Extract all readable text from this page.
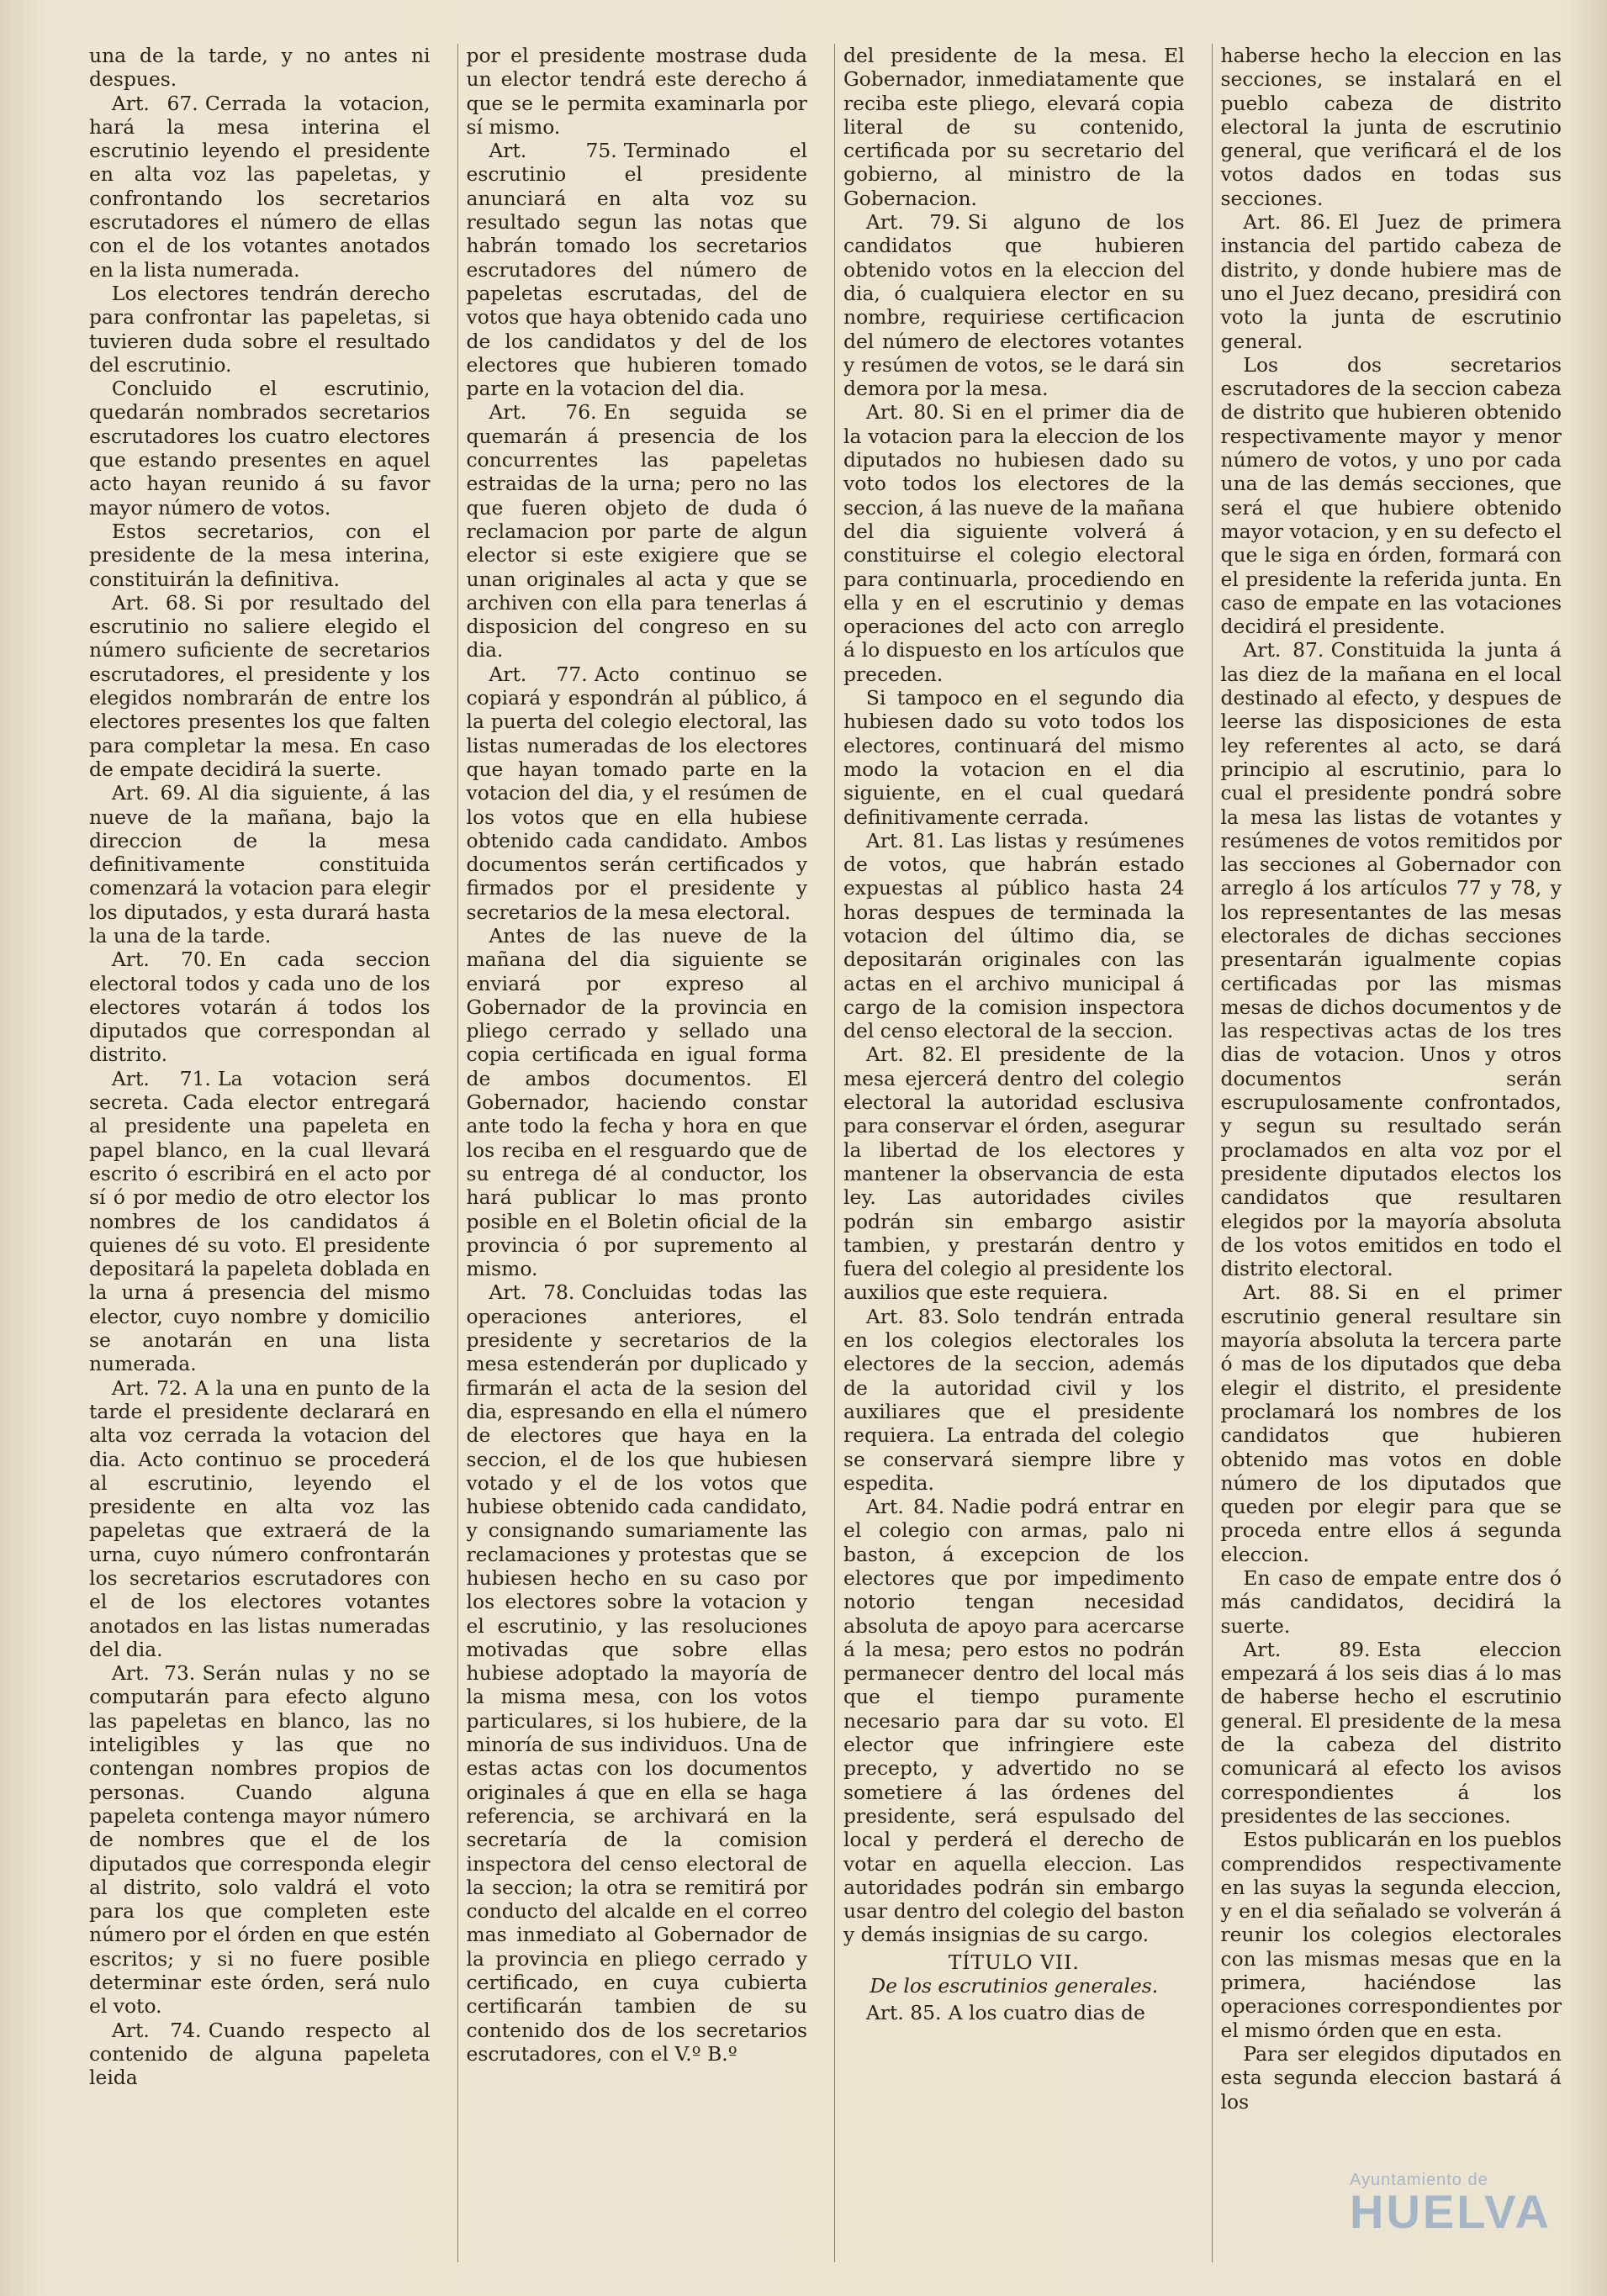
una de la tarde, y no antes ni despues.

Art. 67. Cerrada la votacion, hará la mesa interina el escrutinio leyendo el presidente en alta voz las papeletas, y confrontando los secretarios escrutadores el número de ellas con el de los votantes anotados en la lista numerada.

Los electores tendrán derecho para confrontar las papeletas, si tuvieren duda sobre el resultado del escrutinio.

Concluido el escrutinio, quedarán nombrados secretarios escrutadores los cuatro electores que estando presentes en aquel acto hayan reunido á su favor mayor número de votos.

Estos secretarios, con el presidente de la mesa interina, constituirán la definitiva.

Art. 68. Si por resultado del escrutinio no saliere elegido el número suficiente de secretarios escrutadores, el presidente y los elegidos nombrarán de entre los electores presentes los que falten para completar la mesa. En caso de empate decidirá la suerte.

Art. 69. Al dia siguiente, á las nueve de la mañana, bajo la direccion de la mesa definitivamente constituida comenzará la votacion para elegir los diputados, y esta durará hasta la una de la tarde.

Art. 70. En cada seccion electoral todos y cada uno de los electores votarán á todos los diputados que correspondan al distrito.

Art. 71. La votacion será secreta. Cada elector entregará al presidente una papeleta en papel blanco, en la cual llevará escrito ó escribirá en el acto por sí ó por medio de otro elector los nombres de los candidatos á quienes dé su voto. El presidente depositará la papeleta doblada en la urna á presencia del mismo elector, cuyo nombre y domicilio se anotarán en una lista numerada.

Art. 72. A la una en punto de la tarde el presidente declarará en alta voz cerrada la votacion del dia. Acto continuo se procederá al escrutinio, leyendo el presidente en alta voz las papeletas que extraerá de la urna, cuyo número confrontarán los secretarios escrutadores con el de los electores votantes anotados en las listas numeradas del dia.

Art. 73. Serán nulas y no se computarán para efecto alguno las papeletas en blanco, las no inteligibles y las que no contengan nombres propios de personas. Cuando alguna papeleta contenga mayor número de nombres que el de los diputados que corresponda elegir al distrito, solo valdrá el voto para los que completen este número por el órden en que estén escritos; y si no fuere posible determinar este órden, será nulo el voto.

Art. 74. Cuando respecto al contenido de alguna papeleta leida

por el presidente mostrase duda un elector tendrá este derecho á que se le permita examinarla por sí mismo.

Art. 75. Terminado el escrutinio el presidente anunciará en alta voz su resultado segun las notas que habrán tomado los secretarios escrutadores del número de papeletas escrutadas, del de votos que haya obtenido cada uno de los candidatos y del de los electores que hubieren tomado parte en la votacion del dia.

Art. 76. En seguida se quemarán á presencia de los concurrentes las papeletas estraidas de la urna; pero no las que fueren objeto de duda ó reclamacion por parte de algun elector si este exigiere que se unan originales al acta y que se archiven con ella para tenerlas á disposicion del congreso en su dia.

Art. 77. Acto continuo se copiará y espondrán al público, á la puerta del colegio electoral, las listas numeradas de los electores que hayan tomado parte en la votacion del dia, y el resúmen de los votos que en ella hubiese obtenido cada candidato. Ambos documentos serán certificados y firmados por el presidente y secretarios de la mesa electoral.

Antes de las nueve de la mañana del dia siguiente se enviará por expreso al Gobernador de la provincia en pliego cerrado y sellado una copia certificada en igual forma de ambos documentos. El Gobernador, haciendo constar ante todo la fecha y hora en que los reciba en el resguardo que de su entrega dé al conductor, los hará publicar lo mas pronto posible en el Boletin oficial de la provincia ó por supremento al mismo.

Art. 78. Concluidas todas las operaciones anteriores, el presidente y secretarios de la mesa estenderán por duplicado y firmarán el acta de la sesion del dia, espresando en ella el número de electores que haya en la seccion, el de los que hubiesen votado y el de los votos que hubiese obtenido cada candidato, y consignando sumariamente las reclamaciones y protestas que se hubiesen hecho en su caso por los electores sobre la votacion y el escrutinio, y las resoluciones motivadas que sobre ellas hubiese adoptado la mayoría de la misma mesa, con los votos particulares, si los hubiere, de la minoría de sus individuos. Una de estas actas con los documentos originales á que en ella se haga referencia, se archivará en la secretaría de la comision inspectora del censo electoral de la seccion; la otra se remitirá por conducto del alcalde en el correo mas inmediato al Gobernador de la provincia en pliego cerrado y certificado, en cuya cubierta certificarán tambien de su contenido dos de los secretarios escrutadores, con el V.º B.º

del presidente de la mesa. El Gobernador, inmediatamente que reciba este pliego, elevará copia literal de su contenido, certificada por su secretario del gobierno, al ministro de la Gobernacion.

Art. 79. Si alguno de los candidatos que hubieren obtenido votos en la eleccion del dia, ó cualquiera elector en su nombre, requiriese certificacion del número de electores votantes y resúmen de votos, se le dará sin demora por la mesa.

Art. 80. Si en el primer dia de la votacion para la eleccion de los diputados no hubiesen dado su voto todos los electores de la seccion, á las nueve de la mañana del dia siguiente volverá á constituirse el colegio electoral para continuarla, procediendo en ella y en el escrutinio y demas operaciones del acto con arreglo á lo dispuesto en los artículos que preceden.

Si tampoco en el segundo dia hubiesen dado su voto todos los electores, continuará del mismo modo la votacion en el dia siguiente, en el cual quedará definitivamente cerrada.

Art. 81. Las listas y resúmenes de votos, que habrán estado expuestas al público hasta 24 horas despues de terminada la votacion del último dia, se depositarán originales con las actas en el archivo municipal á cargo de la comision inspectora del censo electoral de la seccion.

Art. 82. El presidente de la mesa ejercerá dentro del colegio electoral la autoridad esclusiva para conservar el órden, asegurar la libertad de los electores y mantener la observancia de esta ley. Las autoridades civiles podrán sin embargo asistir tambien, y prestarán dentro y fuera del colegio al presidente los auxilios que este requiera.

Art. 83. Solo tendrán entrada en los colegios electorales los electores de la seccion, además de la autoridad civil y los auxiliares que el presidente requiera. La entrada del colegio se conservará siempre libre y espedita.

Art. 84. Nadie podrá entrar en el colegio con armas, palo ni baston, á excepcion de los electores que por impedimento notorio tengan necesidad absoluta de apoyo para acercarse á la mesa; pero estos no podrán permanecer dentro del local más que el tiempo puramente necesario para dar su voto. El elector que infringiere este precepto, y advertido no se sometiere á las órdenes del presidente, será espulsado del local y perderá el derecho de votar en aquella eleccion. Las autoridades podrán sin embargo usar dentro del colegio del baston y demás insignias de su cargo.

TÍTULO VII.

De los escrutinios generales.

Art. 85. A los cuatro dias de

haberse hecho la eleccion en las secciones, se instalará en el pueblo cabeza de distrito electoral la junta de escrutinio general, que verificará el de los votos dados en todas sus secciones.

Art. 86. El Juez de primera instancia del partido cabeza de distrito, y donde hubiere mas de uno el Juez decano, presidirá con voto la junta de escrutinio general.

Los dos secretarios escrutadores de la seccion cabeza de distrito que hubieren obtenido respectivamente mayor y menor número de votos, y uno por cada una de las demás secciones, que será el que hubiere obtenido mayor votacion, y en su defecto el que le siga en órden, formará con el presidente la referida junta. En caso de empate en las votaciones decidirá el presidente.

Art. 87. Constituida la junta á las diez de la mañana en el local destinado al efecto, y despues de leerse las disposiciones de esta ley referentes al acto, se dará principio al escrutinio, para lo cual el presidente pondrá sobre la mesa las listas de votantes y resúmenes de votos remitidos por las secciones al Gobernador con arreglo á los artículos 77 y 78, y los representantes de las mesas electorales de dichas secciones presentarán igualmente copias certificadas por las mismas mesas de dichos documentos y de las respectivas actas de los tres dias de votacion. Unos y otros documentos serán escrupulosamente confrontados, y segun su resultado serán proclamados en alta voz por el presidente diputados electos los candidatos que resultaren elegidos por la mayoría absoluta de los votos emitidos en todo el distrito electoral.

Art. 88. Si en el primer escrutinio general resultare sin mayoría absoluta la tercera parte ó mas de los diputados que deba elegir el distrito, el presidente proclamará los nombres de los candidatos que hubieren obtenido mas votos en doble número de los diputados que queden por elegir para que se proceda entre ellos á segunda eleccion.

En caso de empate entre dos ó más candidatos, decidirá la suerte.

Art. 89. Esta eleccion empezará á los seis dias á lo mas de haberse hecho el escrutinio general. El presidente de la mesa de la cabeza del distrito comunicará al efecto los avisos correspondientes á los presidentes de las secciones.

Estos publicarán en los pueblos comprendidos respectivamente en las suyas la segunda eleccion, y en el dia señalado se volverán á reunir los colegios electorales con las mismas mesas que en la primera, haciéndose las operaciones correspondientes por el mismo órden que en esta.

Para ser elegidos diputados en esta segunda eleccion bastará á los

Ayuntamiento de
HUELVA
